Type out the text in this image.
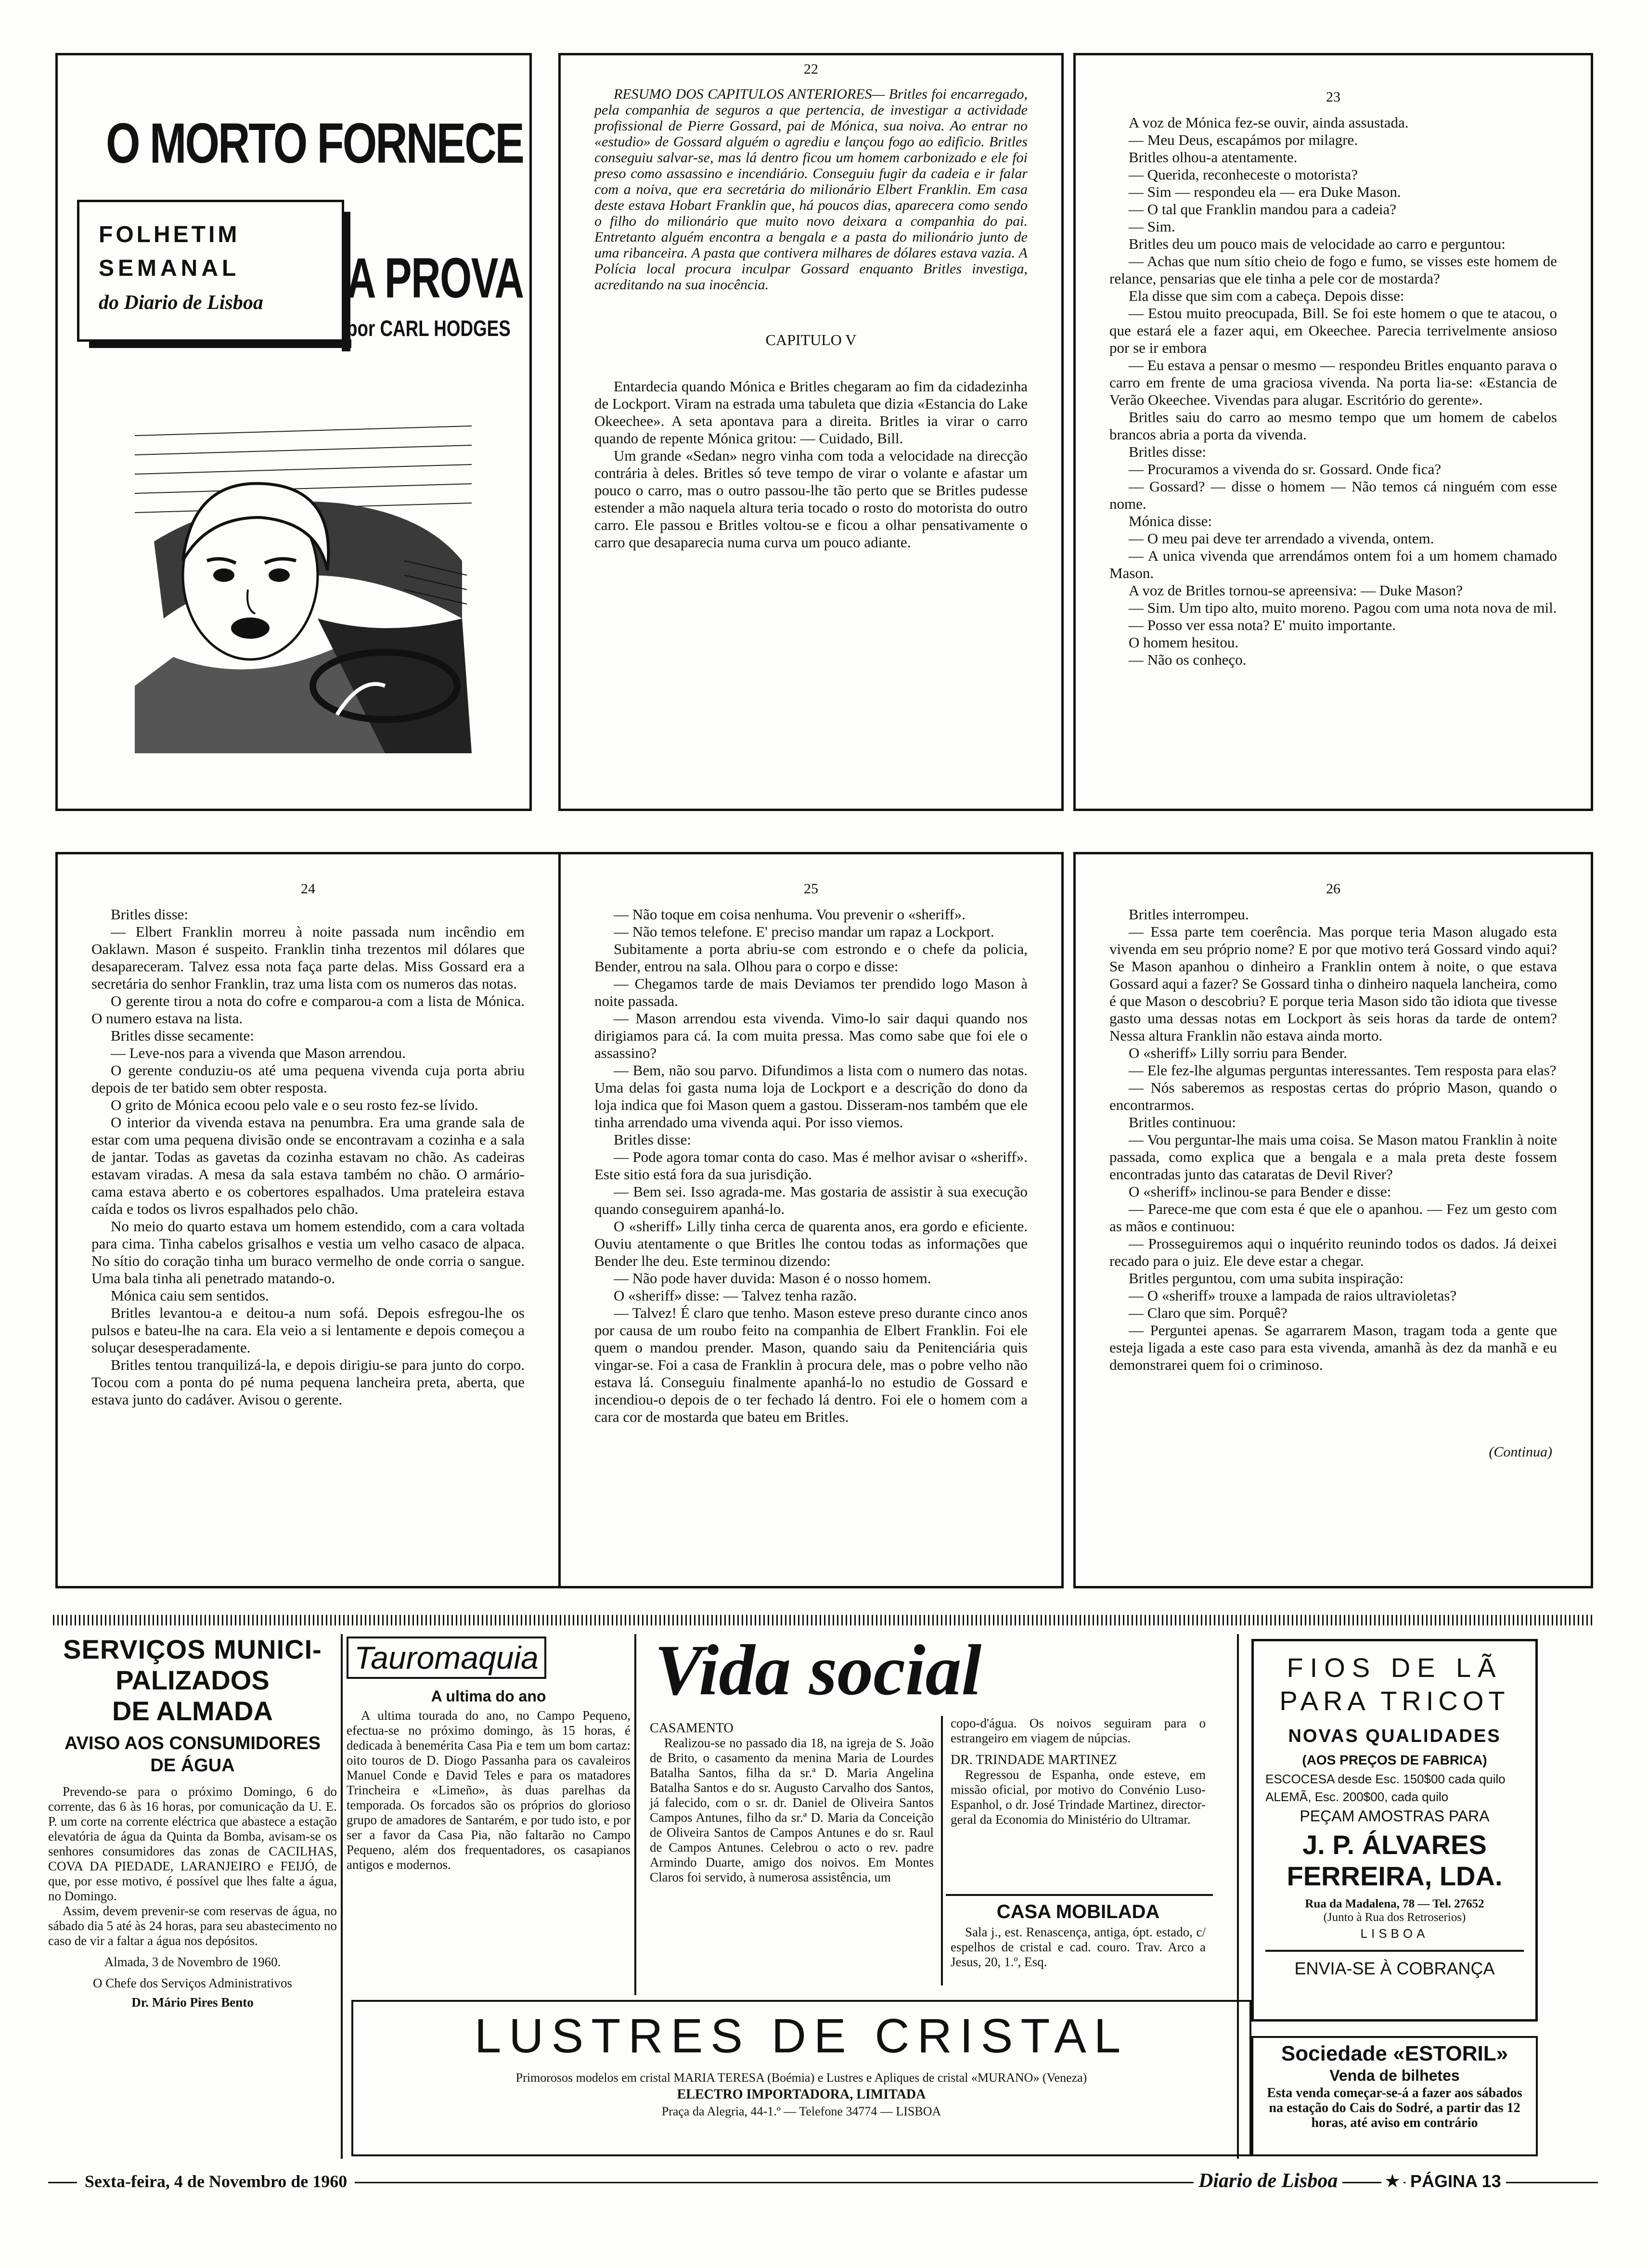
O MORTO FORNECE
FOLHETIM
SEMANAL
do Diario de Lisboa A PROVA
por CARL HODGES
22

RESUMO DOS CAPITULOS ANTERIORES— Britles foi encarregado, pela companhia de seguros a que pertencia, de investigar a actividade profissional de Pierre Gossard, pai de Mónica, sua noiva. Ao entrar no «estudio» de Gossard alguém o agrediu e lançou fogo ao edificio. Britles conseguiu salvar-se, mas lá dentro ficou um homem carbonizado e ele foi preso como assassino e incendiário. Conseguiu fugir da cadeia e ir falar com a noiva, que era secretária do milionário Elbert Franklin. Em casa deste estava Hobart Franklin que, há poucos dias, aparecera como sendo o filho do milionário que muito novo deixara a companhia do pai. Entretanto alguém encontra a bengala e a pasta do milionário junto de uma ribanceira. A pasta que contivera milhares de dólares estava vazia. A Polícia local procura inculpar Gossard enquanto Britles investiga, acreditando na sua inocência.

CAPITULO V

Entardecia quando Mónica e Britles chegaram ao fim da cidadezinha de Lockport. Viram na estrada uma tabuleta que dizia «Estancia do Lake Okeechee». A seta apontava para a direita. Britles ia virar o carro quando de repente Mónica gritou: — Cuidado, Bill.

Um grande «Sedan» negro vinha com toda a velocidade na direcção contrária à deles. Britles só teve tempo de virar o volante e afastar um pouco o carro, mas o outro passou-lhe tão perto que se Britles pudesse estender a mão naquela altura teria tocado o rosto do motorista do outro carro. Ele passou e Britles voltou-se e ficou a olhar pensativamente o carro que desaparecia numa curva um pouco adiante.

23

A voz de Mónica fez-se ouvir, ainda assustada.

— Meu Deus, escapámos por milagre.

Britles olhou-a atentamente.

— Querida, reconheceste o motorista?

— Sim — respondeu ela — era Duke Mason.

— O tal que Franklin mandou para a cadeia?

— Sim.

Britles deu um pouco mais de velocidade ao carro e perguntou:

— Achas que num sítio cheio de fogo e fumo, se visses este homem de relance, pensarias que ele tinha a pele cor de mostarda?

Ela disse que sim com a cabeça. Depois disse:

— Estou muito preocupada, Bill. Se foi este homem o que te atacou, o que estará ele a fazer aqui, em Okeechee. Parecia terrivelmente ansioso por se ir embora

— Eu estava a pensar o mesmo — respondeu Britles enquanto parava o carro em frente de uma graciosa vivenda. Na porta lia-se: «Estancia de Verão Okeechee. Vivendas para alugar. Escritório do gerente».

Britles saiu do carro ao mesmo tempo que um homem de cabelos brancos abria a porta da vivenda.

Britles disse:

— Procuramos a vivenda do sr. Gossard. Onde fica?

— Gossard? — disse o homem — Não temos cá ninguém com esse nome.

Mónica disse:

— O meu pai deve ter arrendado a vivenda, ontem.

— A unica vivenda que arrendámos ontem foi a um homem chamado Mason.

A voz de Britles tornou-se apreensiva: — Duke Mason?

— Sim. Um tipo alto, muito moreno. Pagou com uma nota nova de mil.

— Posso ver essa nota? E' muito importante.

O homem hesitou.

— Não os conheço.

24

Britles disse:

— Elbert Franklin morreu à noite passada num incêndio em Oaklawn. Mason é suspeito. Franklin tinha trezentos mil dólares que desapareceram. Talvez essa nota faça parte delas. Miss Gossard era a secretária do senhor Franklin, traz uma lista com os numeros das notas.

O gerente tirou a nota do cofre e comparou-a com a lista de Mónica. O numero estava na lista.

Britles disse secamente:

— Leve-nos para a vivenda que Mason arrendou.

O gerente conduziu-os até uma pequena vivenda cuja porta abriu depois de ter batido sem obter resposta.

O grito de Mónica ecoou pelo vale e o seu rosto fez-se lívido.

O interior da vivenda estava na penumbra. Era uma grande sala de estar com uma pequena divisão onde se encontravam a cozinha e a sala de jantar. Todas as gavetas da cozinha estavam no chão. As cadeiras estavam viradas. A mesa da sala estava também no chão. O armário-cama estava aberto e os cobertores espalhados. Uma prateleira estava caída e todos os livros espalhados pelo chão.

No meio do quarto estava um homem estendido, com a cara voltada para cima. Tinha cabelos grisalhos e vestia um velho casaco de alpaca. No sítio do coração tinha um buraco vermelho de onde corria o sangue. Uma bala tinha ali penetrado matando-o.

Mónica caiu sem sentidos.

Britles levantou-a e deitou-a num sofá. Depois esfregou-lhe os pulsos e bateu-lhe na cara. Ela veio a si lentamente e depois começou a soluçar desesperadamente.

Britles tentou tranquilizá-la, e depois dirigiu-se para junto do corpo. Tocou com a ponta do pé numa pequena lancheira preta, aberta, que estava junto do cadáver. Avisou o gerente.

25

— Não toque em coisa nenhuma. Vou prevenir o «sheriff».

— Não temos telefone. E' preciso mandar um rapaz a Lockport.

Subitamente a porta abriu-se com estrondo e o chefe da policia, Bender, entrou na sala. Olhou para o corpo e disse:

— Chegamos tarde de mais Deviamos ter prendido logo Mason à noite passada.

— Mason arrendou esta vivenda. Vimo-lo sair daqui quando nos dirigiamos para cá. Ia com muita pressa. Mas como sabe que foi ele o assassino?

— Bem, não sou parvo. Difundimos a lista com o numero das notas. Uma delas foi gasta numa loja de Lockport e a descrição do dono da loja indica que foi Mason quem a gastou. Disseram-nos também que ele tinha arrendado uma vivenda aqui. Por isso viemos.

Britles disse:

— Pode agora tomar conta do caso. Mas é melhor avisar o «sheriff». Este sitio está fora da sua jurisdição.

— Bem sei. Isso agrada-me. Mas gostaria de assistir à sua execução quando conseguirem apanhá-lo.

O «sheriff» Lilly tinha cerca de quarenta anos, era gordo e eficiente. Ouviu atentamente o que Britles lhe contou todas as informações que Bender lhe deu. Este terminou dizendo:

— Não pode haver duvida: Mason é o nosso homem.

O «sheriff» disse: — Talvez tenha razão.

— Talvez! É claro que tenho. Mason esteve preso durante cinco anos por causa de um roubo feito na companhia de Elbert Franklin. Foi ele quem o mandou prender. Mason, quando saiu da Penitenciária quis vingar-se. Foi a casa de Franklin à procura dele, mas o pobre velho não estava lá. Conseguiu finalmente apanhá-lo no estudio de Gossard e incendiou-o depois de o ter fechado lá dentro. Foi ele o homem com a cara cor de mostarda que bateu em Britles.

26

Britles interrompeu.

— Essa parte tem coerência. Mas porque teria Mason alugado esta vivenda em seu próprio nome? E por que motivo terá Gossard vindo aqui? Se Mason apanhou o dinheiro a Franklin ontem à noite, o que estava Gossard aqui a fazer? Se Gossard tinha o dinheiro naquela lancheira, como é que Mason o descobriu? E porque teria Mason sido tão idiota que tivesse gasto uma dessas notas em Lockport às seis horas da tarde de ontem? Nessa altura Franklin não estava ainda morto.

O «sheriff» Lilly sorriu para Bender.

— Ele fez-lhe algumas perguntas interessantes. Tem resposta para elas?

— Nós saberemos as respostas certas do próprio Mason, quando o encontrarmos.

Britles continuou:

— Vou perguntar-lhe mais uma coisa. Se Mason matou Franklin à noite passada, como explica que a bengala e a mala preta deste fossem encontradas junto das cataratas de Devil River?

O «sheriff» inclinou-se para Bender e disse:

— Parece-me que com esta é que ele o apanhou. — Fez um gesto com as mãos e continuou:

— Prosseguiremos aqui o inquérito reunindo todos os dados. Já deixei recado para o juiz. Ele deve estar a chegar.

Britles perguntou, com uma subita inspiração:

— O «sheriff» trouxe a lampada de raios ultravioletas?

— Claro que sim. Porquê?

— Perguntei apenas. Se agarrarem Mason, tragam toda a gente que esteja ligada a este caso para esta vivenda, amanhã às dez da manhã e eu demonstrarei quem foi o criminoso.

(Continua)
SERVIÇOS MUNICI-
PALIZADOS
DE ALMADA
AVISO AOS CONSUMIDORES
DE ÁGUA

Prevendo-se para o próximo Domingo, 6 do corrente, das 6 às 16 horas, por comunicação da U. E. P. um corte na corrente eléctrica que abastece a estação elevatória de água da Quinta da Bomba, avisam-se os senhores consumidores das zonas de CACILHAS, COVA DA PIEDADE, LARANJEIRO e FEIJÓ, de que, por esse motivo, é possível que lhes falte a água, no Domingo.

Assim, devem prevenir-se com reservas de água, no sábado dia 5 até às 24 horas, para seu abastecimento no caso de vir a faltar a água nos depósitos.

Almada, 3 de Novembro de 1960.
O Chefe dos Serviços Administrativos
Dr. Mário Pires Bento
Tauromaquia
A ultima do ano
A ultima tourada do ano, no Campo Pequeno, efectua-se no próximo domingo, às 15 horas, é dedicada à benemérita Casa Pia e tem um bom cartaz: oito touros de D. Diogo Passanha para os cavaleiros Manuel Conde e David Teles e para os matadores Trincheira e «Limeño», às duas parelhas da temporada. Os forcados são os próprios do glorioso grupo de amadores de Santarém, e por tudo isto, e por ser a favor da Casa Pia, não faltarão no Campo Pequeno, além dos frequentadores, os casapianos antigos e modernos.
Vida social
CASAMENTO

Realizou-se no passado dia 18, na igreja de S. João de Brito, o casamento da menina Maria de Lourdes Batalha Santos, filha da sr.ª D. Maria Angelina Batalha Santos e do sr. Augusto Carvalho dos Santos, já falecido, com o sr. dr. Daniel de Oliveira Santos Campos Antunes, filho da sr.ª D. Maria da Conceição de Oliveira Santos de Campos Antunes e do sr. Raul de Campos Antunes. Celebrou o acto o rev. padre Armindo Duarte, amigo dos noivos. Em Montes Claros foi servido, à numerosa assistência, um

copo-d'água. Os noivos seguiram para o estrangeiro em viagem de núpcias.

DR. TRINDADE MARTINEZ

Regressou de Espanha, onde esteve, em missão oficial, por motivo do Convénio Luso-Espanhol, o dr. José Trindade Martinez, director-geral da Economia do Ministério do Ultramar.

CASA MOBILADA
Sala j., est. Renascença, antiga, ópt. estado, c/ espelhos de cristal e cad. couro. Trav. Arco a Jesus, 20, 1.º, Esq.
LUSTRES DE CRISTAL
Primorosos modelos em cristal MARIA TERESA (Boémia) e Lustres e Apliques de cristal «MURANO» (Veneza)
ELECTRO IMPORTADORA, LIMITADA
Praça da Alegria, 44-1.º — Telefone 34774 — LISBOA
FIOS DE LÃ
PARA TRICOT
NOVAS QUALIDADES
(AOS PREÇOS DE FABRICA)
ESCOCESA desde Esc. 150$00 cada quilo
ALEMÃ, Esc. 200$00, cada quilo
PEÇAM AMOSTRAS PARA
J. P. ÁLVARES
FERREIRA, LDA.
Rua da Madalena, 78 — Tel. 27652
(Junto à Rua dos Retroserios)
LISBOA
ENVIA-SE À COBRANÇA
Sociedade «ESTORIL»
Venda de bilhetes
Esta venda começar-se-á a fazer aos sábados na estação do Cais do Sodré, a partir das 12 horas, até aviso em contrário
Sexta-feira, 4 de Novembro de 1960	Diario de Lisboa	★ PÁGINA 13
